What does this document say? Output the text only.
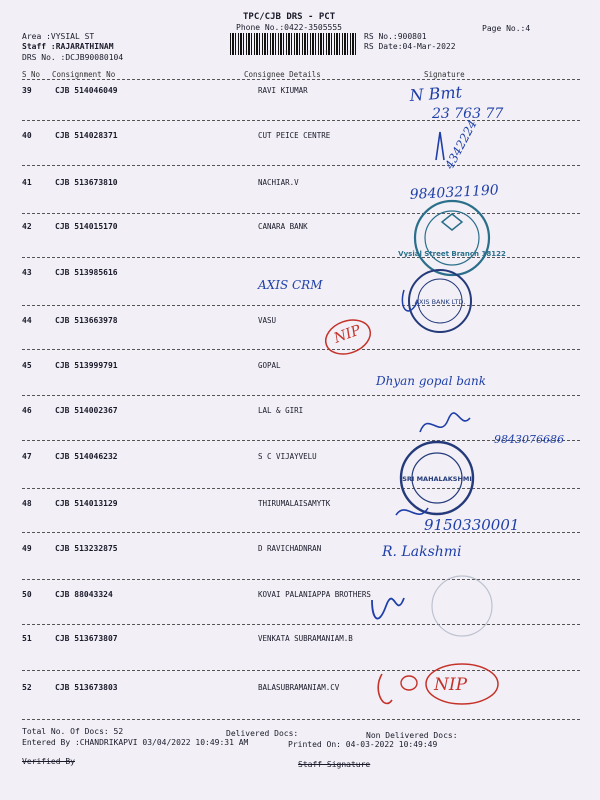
TPC/CJB DRS - PCT
Phone No.:0422-3505555	Page No.:4
Area :VYSIAL ST
Staff :RAJARATHINAM
DRS No. :DCJB90080104
RS No.:900801
RS Date:04-Mar-2022
S No Consignment No	Consignee Details	Signature
39	CJB 514046049	RAVI KIUMAR
40	CJB 514028371	CUT PEICE CENTRE
41	CJB 513673810	NACHIAR.V
42	CJB 514015170	CANARA BANK
43	CJB 513985616
44	CJB 513663978	VASU
45	CJB 513999791	GOPAL
46	CJB 514002367	LAL & GIRI
47	CJB 514046232	S C VIJAYVELU
48	CJB 514013129	THIRUMALAISAMYTK
49	CJB 513232875	D RAVICHADNRAN
50	CJB 88043324	KOVAI PALANIAPPA BROTHERS
51	CJB 513673807	VENKATA SUBRAMANIAM.B
52	CJB 513673803	BALASUBRAMANIAM.CV
N Bmt
23 763 77
4342224
9840321190
Vysial Street Branch 18122
AXIS CRM
AXIS BANK LTD.
NIP
Dhyan gopal bank
9843076686
SRI MAHALAKSHMI
9150330001
R. Lakshmi
NIP
Total No. Of Docs: 52	Delivered Docs:	Non Delivered Docs:
Entered By :CHANDRIKAPVI 03/04/2022 10:49:31 AM	Printed On: 04-03-2022 10:49:49
Verified By	Staff Signature
